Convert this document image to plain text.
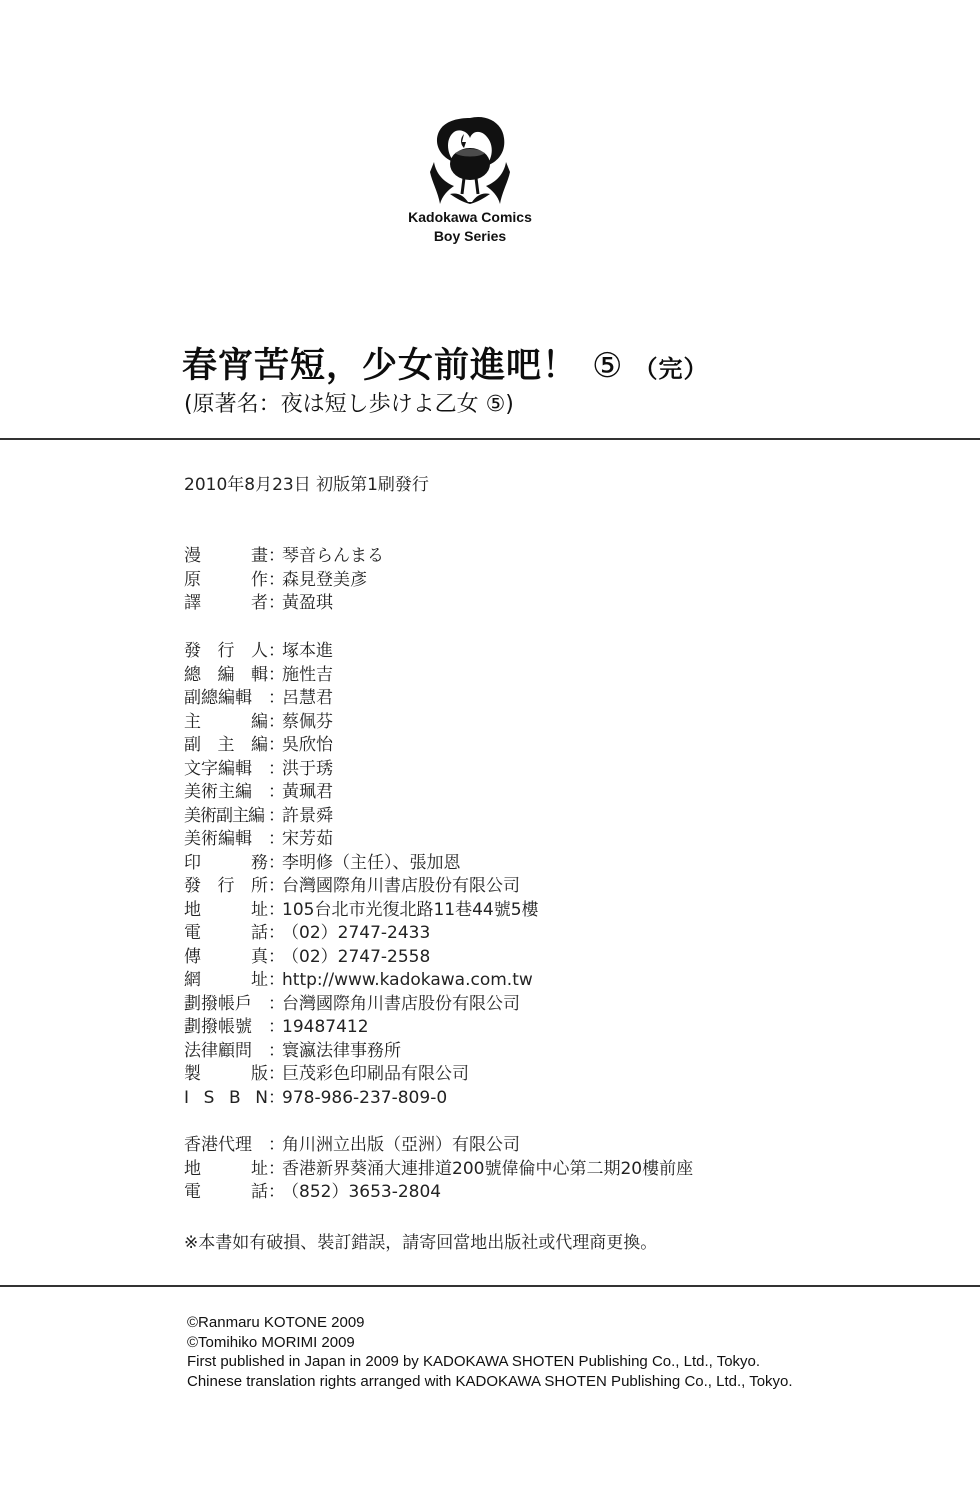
Kadokawa Comics
Boy Series
春宵苦短，少女前進吧！ ⑤ （完）
(原著名：夜は短し歩けよ乙女 ⑤)
2010年8月23日 初版第1刷發行
漫	畫 ：
琴音らんまる
原	作 ：
森見登美彥
譯	者 ：
黃盈琪
發 行 人 ：
塚本進
總 編 輯 ：
施性吉
副總編輯 ：
呂慧君
主	編 ：
蔡佩芬
副 主 編 ：
吳欣怡
文字編輯 ：
洪于琇
美術主編 ：
黃珮君
美術副主編 ：
許景舜
美術編輯 ：
宋芳茹
印	務 ：
李明修（主任）、張加恩
發 行 所 ：
台灣國際角川書店股份有限公司
地	址 ：
105台北市光復北路11巷44號5樓
電	話 ：
（02）2747-2433
傳	真 ：
（02）2747-2558
網	址 ：
http://www.kadokawa.com.tw
劃撥帳戶 ：
台灣國際角川書店股份有限公司
劃撥帳號 ：
19487412
法律顧問 ：
寰瀛法律事務所
製	版 ：
巨茂彩色印刷品有限公司
I S B N ：
978-986-237-809-0
香港代理 ：
角川洲立出版（亞洲）有限公司
地	址 ：
香港新界葵涌大連排道200號偉倫中心第二期20樓前座
電	話 ：
（852）3653-2804
※本書如有破損、裝訂錯誤，請寄回當地出版社或代理商更換。
©Ranmaru KOTONE 2009
©Tomihiko MORIMI 2009
First published in Japan in 2009 by KADOKAWA SHOTEN Publishing Co., Ltd., Tokyo.
Chinese translation rights arranged with KADOKAWA SHOTEN Publishing Co., Ltd., Tokyo.
